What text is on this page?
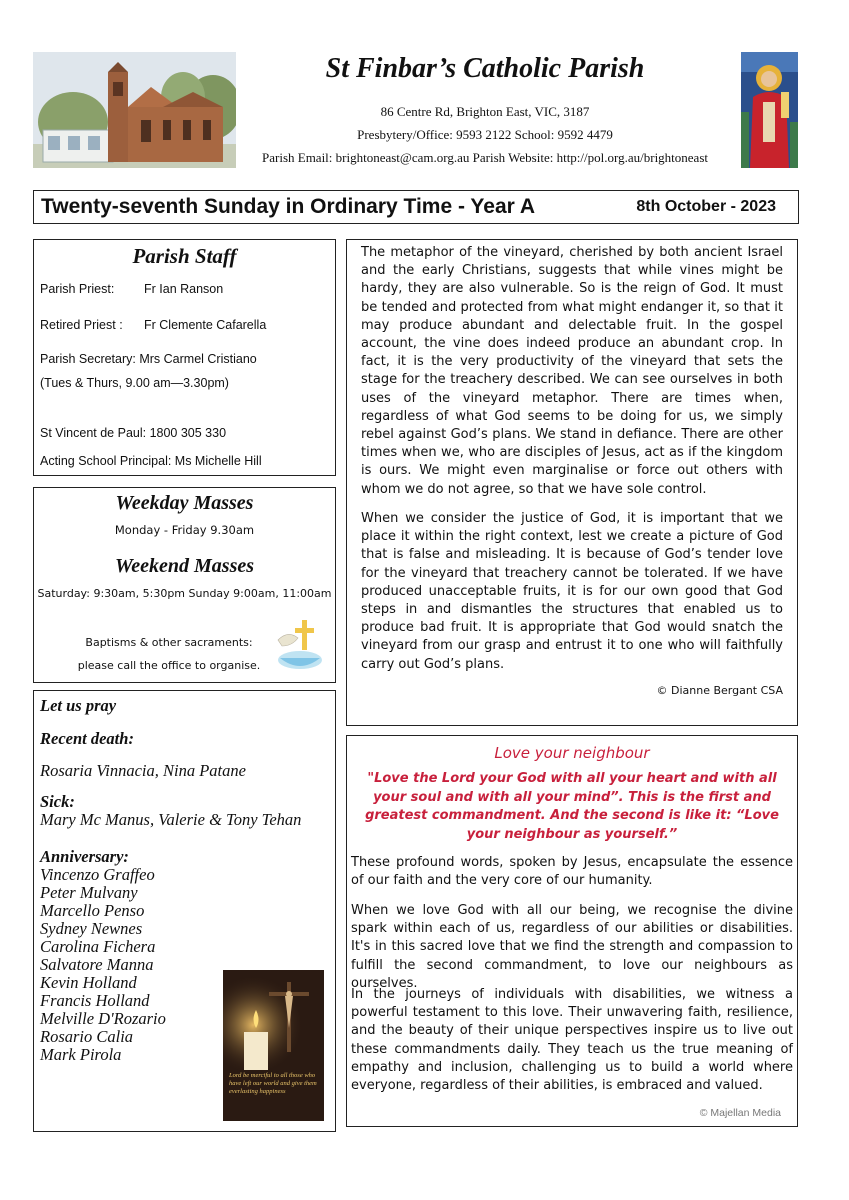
St Finbar’s Catholic Parish
86 Centre Rd, Brighton East, VIC, 3187
Presbytery/Office: 9593 2122 School: 9592 4479
Parish Email: brightoneast@cam.org.au Parish Website: http://pol.org.au/brightoneast
Twenty-seventh Sunday in Ordinary Time - Year A	8th October - 2023
Parish Staff
Parish Priest: Fr Ian Ranson
Retired Priest : Fr Clemente Cafarella
Parish Secretary: Mrs Carmel Cristiano
(Tues & Thurs, 9.00 am—3.30pm)
St Vincent de Paul: 1800 305 330
Acting School Principal: Ms Michelle Hill
Weekday Masses
Monday - Friday 9.30am
Weekend Masses
Saturday: 9:30am, 5:30pm Sunday 9:00am, 11:00am
Baptisms & other sacraments:
please call the office to organise.
Let us pray
Recent death:
Rosaria Vinnacia, Nina Patane
Sick:
Mary Mc Manus, Valerie & Tony Tehan
Anniversary:
Vincenzo Graffeo
Peter Mulvany
Marcello Penso
Sydney Newnes
Carolina Fichera
Salvatore Manna
Kevin Holland
Francis Holland
Melville D'Rozario
Rosario Calia
Mark Pirola
Lord be merciful to all those who have left our world and give them everlasting happiness
The metaphor of the vineyard, cherished by both ancient Israel and the early Christians, suggests that while vines might be hardy, they are also vulnerable. So is the reign of God. It must be tended and protected from what might endanger it, so that it may produce abundant and delectable fruit. In the gospel account, the vine does indeed produce an abundant crop. In fact, it is the very productivity of the vineyard that sets the stage for the treachery described. We can see ourselves in both uses of the vineyard metaphor. There are times when, regardless of what God seems to be doing for us, we simply rebel against God’s plans. We stand in defiance. There are other times when we, who are disciples of Jesus, act as if the kingdom is ours. We might even marginalise or force out others with whom we do not agree, so that we have sole control.
When we consider the justice of God, it is important that we place it within the right context, lest we create a picture of God that is false and misleading. It is because of God’s tender love for the vineyard that treachery cannot be tolerated. If we have produced unacceptable fruits, it is for our own good that God steps in and dismantles the structures that enabled us to produce bad fruit. It is appropriate that God would snatch the vineyard from our grasp and entrust it to one who will faithfully carry out God’s plans.
© Dianne Bergant CSA
Love your neighbour
"Love the Lord your God with all your heart and with all your soul and with all your mind”. This is the first and greatest commandment. And the second is like it: “Love your neighbour as yourself.”
These profound words, spoken by Jesus, encapsulate the essence of our faith and the very core of our humanity.
When we love God with all our being, we recognise the divine spark within each of us, regardless of our abilities or disabilities. It's in this sacred love that we find the strength and compassion to fulfill the second commandment, to love our neighbours as ourselves.
In the journeys of individuals with disabilities, we witness a powerful testament to this love. Their unwavering faith, resilience, and the beauty of their unique perspectives inspire us to live out these commandments daily. They teach us the true meaning of empathy and inclusion, challenging us to build a world where everyone, regardless of their abilities, is embraced and valued.
© Majellan Media
